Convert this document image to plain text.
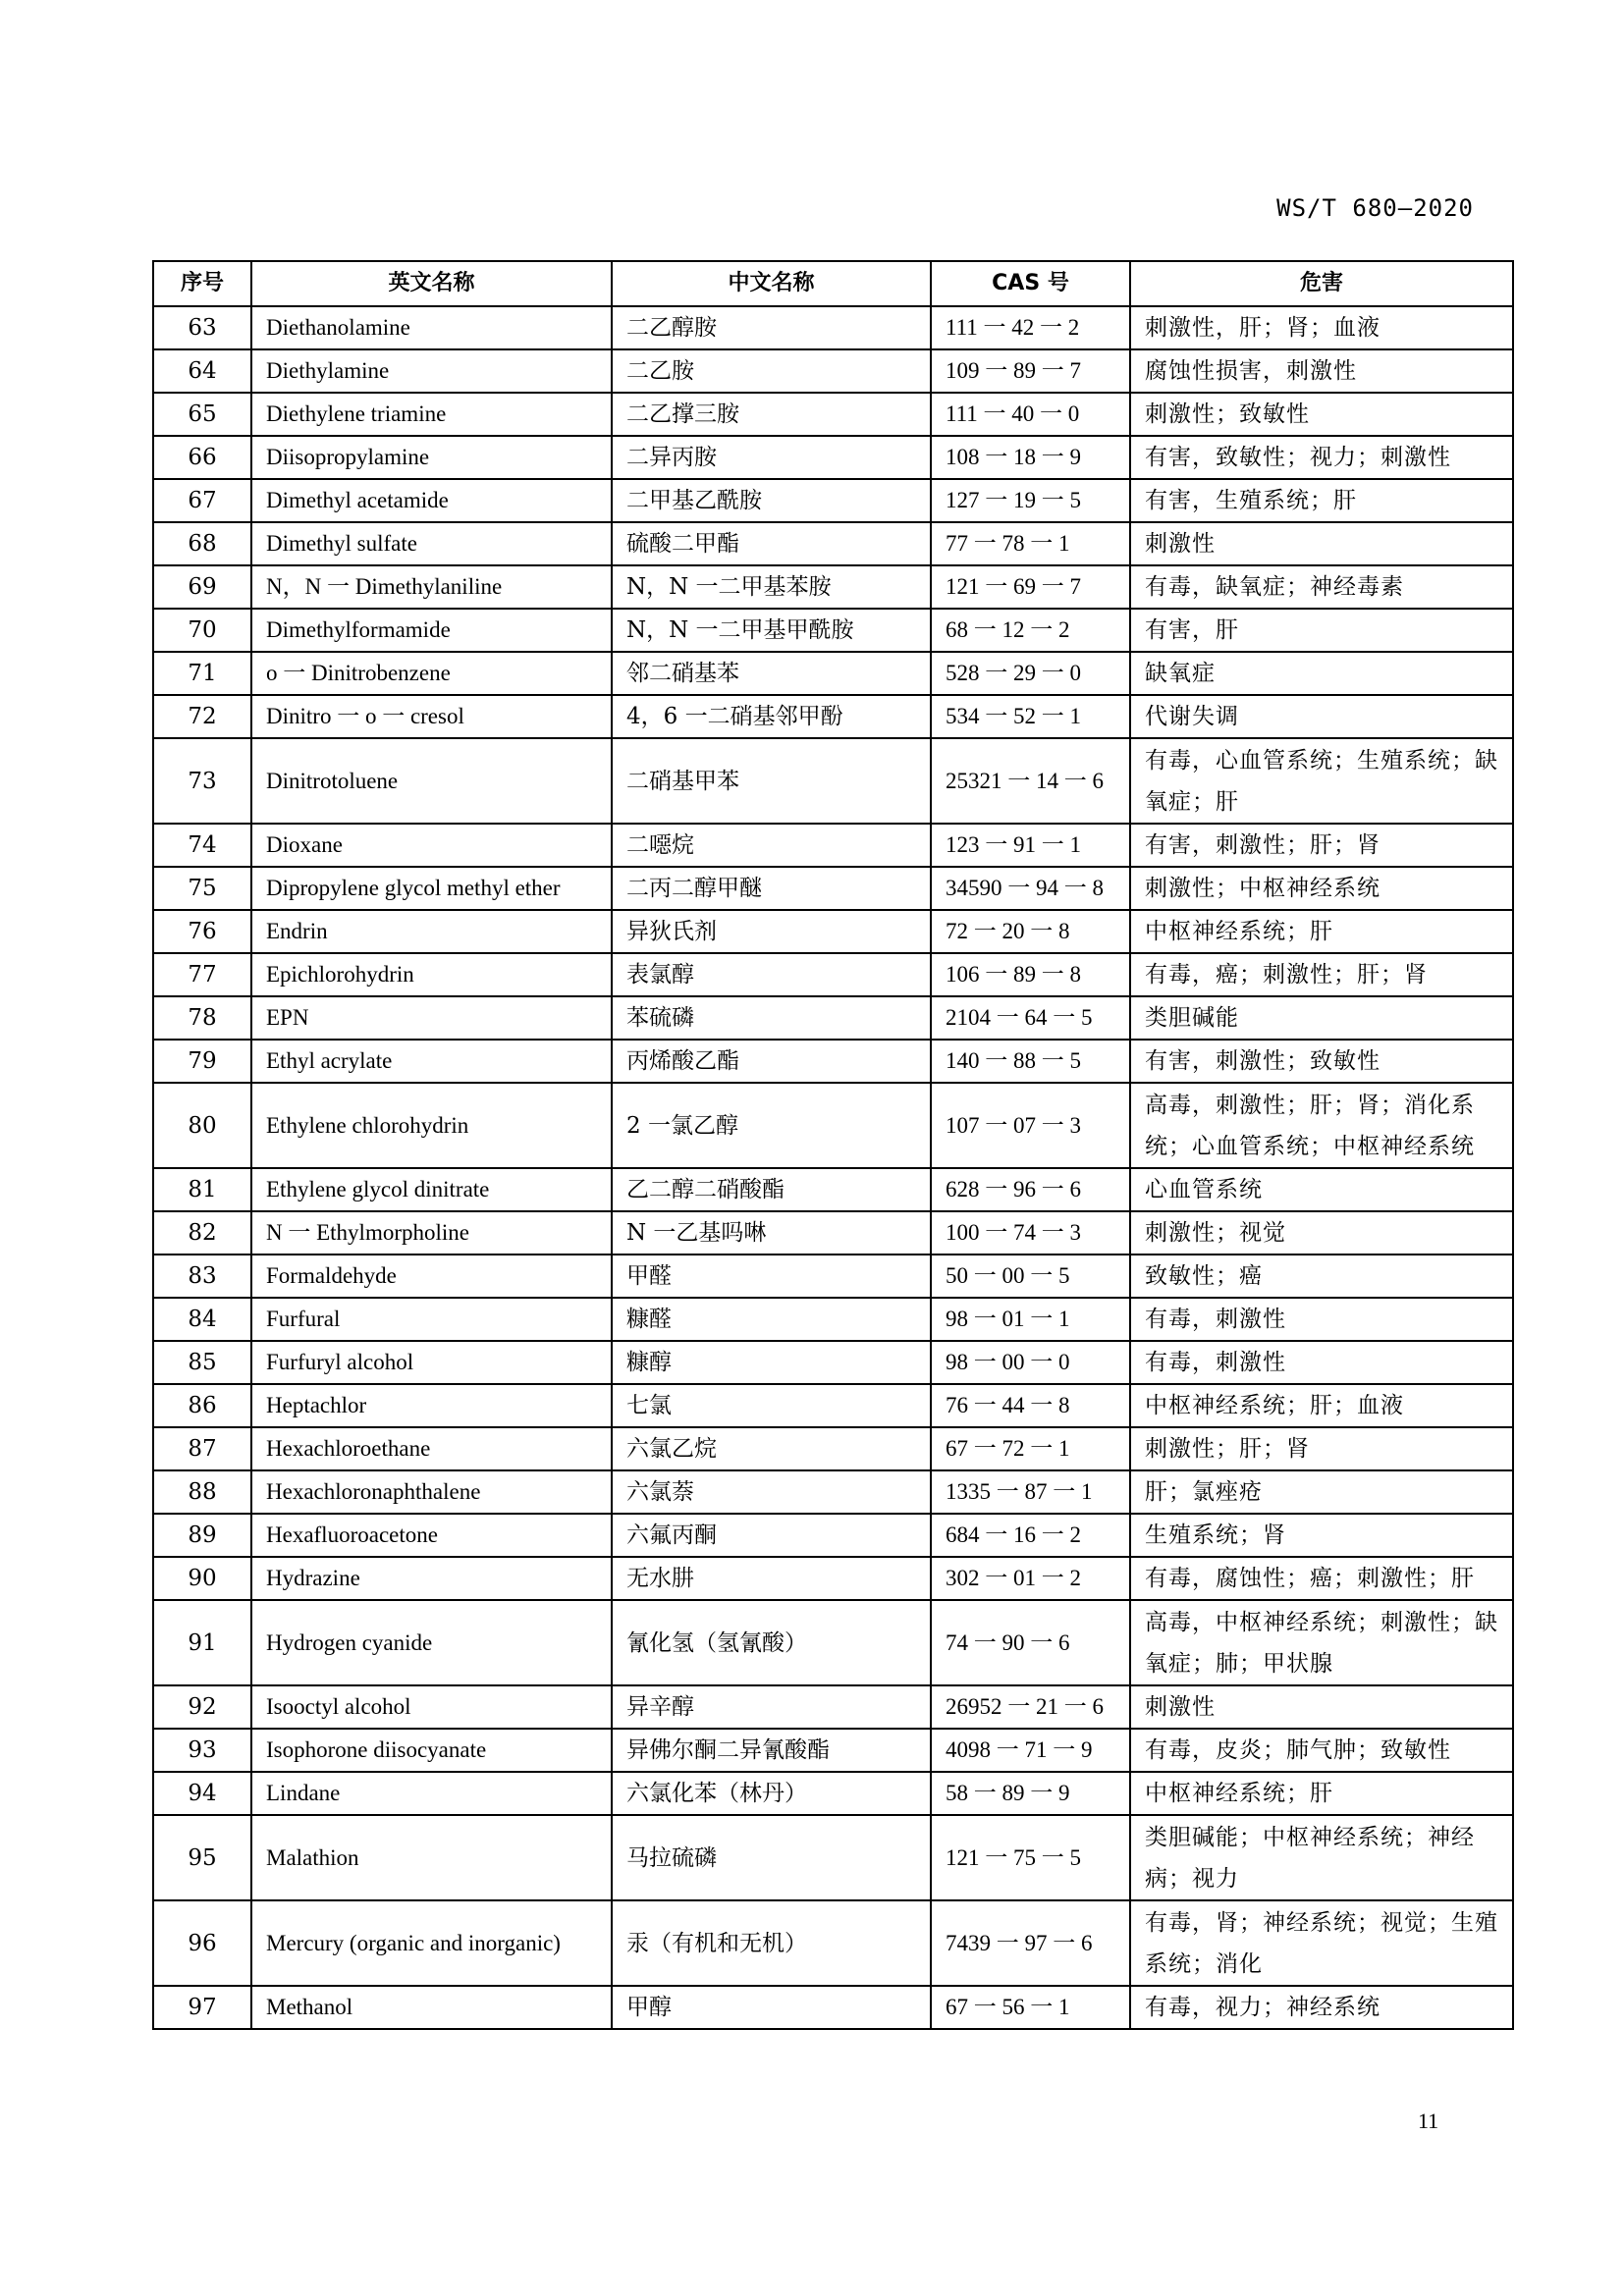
WS/T 680—2020
序号	英文名称	中文名称	CAS 号	危害
63	Diethanolamine	二乙醇胺	111 一 42 一 2	刺激性，肝；肾；血液
64	Diethylamine	二乙胺	109 一 89 一 7	腐蚀性损害，刺激性
65	Diethylene triamine	二乙撑三胺	111 一 40 一 0	刺激性；致敏性
66	Diisopropylamine	二异丙胺	108 一 18 一 9	有害，致敏性；视力；刺激性
67	Dimethyl acetamide	二甲基乙酰胺	127 一 19 一 5	有害，生殖系统；肝
68	Dimethyl sulfate	硫酸二甲酯	77 一 78 一 1	刺激性
69	N，N 一 Dimethylaniline	N，N 一二甲基苯胺	121 一 69 一 7	有毒，缺氧症；神经毒素
70	Dimethylformamide	N，N 一二甲基甲酰胺	68 一 12 一 2	有害，肝
71	o 一 Dinitrobenzene	邻二硝基苯	528 一 29 一 0	缺氧症
72	Dinitro 一 o 一 cresol	4，6 一二硝基邻甲酚	534 一 52 一 1	代谢失调
73	Dinitrotoluene	二硝基甲苯	25321 一 14 一 6	有毒，心血管系统；生殖系统；缺氧症；肝
74	Dioxane	二噁烷	123 一 91 一 1	有害，刺激性；肝；肾
75	Dipropylene glycol methyl ether	二丙二醇甲醚	34590 一 94 一 8	刺激性；中枢神经系统
76	Endrin	异狄氏剂	72 一 20 一 8	中枢神经系统；肝
77	Epichlorohydrin	表氯醇	106 一 89 一 8	有毒，癌；刺激性；肝；肾
78	EPN	苯硫磷	2104 一 64 一 5	类胆碱能
79	Ethyl acrylate	丙烯酸乙酯	140 一 88 一 5	有害，刺激性；致敏性
80	Ethylene chlorohydrin	2 一氯乙醇	107 一 07 一 3	高毒，刺激性；肝；肾；消化系统；心血管系统；中枢神经系统
81	Ethylene glycol dinitrate	乙二醇二硝酸酯	628 一 96 一 6	心血管系统
82	N 一 Ethylmorpholine	N 一乙基吗啉	100 一 74 一 3	刺激性；视觉
83	Formaldehyde	甲醛	50 一 00 一 5	致敏性；癌
84	Furfural	糠醛	98 一 01 一 1	有毒，刺激性
85	Furfuryl alcohol	糠醇	98 一 00 一 0	有毒，刺激性
86	Heptachlor	七氯	76 一 44 一 8	中枢神经系统；肝；血液
87	Hexachloroethane	六氯乙烷	67 一 72 一 1	刺激性；肝；肾
88	Hexachloronaphthalene	六氯萘	1335 一 87 一 1	肝；氯痤疮
89	Hexafluoroacetone	六氟丙酮	684 一 16 一 2	生殖系统；肾
90	Hydrazine	无水肼	302 一 01 一 2	有毒，腐蚀性；癌；刺激性；肝
91	Hydrogen cyanide	氰化氢（氢氰酸）	74 一 90 一 6	高毒，中枢神经系统；刺激性；缺氧症；肺；甲状腺
92	Isooctyl alcohol	异辛醇	26952 一 21 一 6	刺激性
93	Isophorone diisocyanate	异佛尔酮二异氰酸酯	4098 一 71 一 9	有毒，皮炎；肺气肿；致敏性
94	Lindane	六氯化苯（林丹）	58 一 89 一 9	中枢神经系统；肝
95	Malathion	马拉硫磷	121 一 75 一 5	类胆碱能；中枢神经系统；神经病；视力
96	Mercury (organic and inorganic)	汞（有机和无机）	7439 一 97 一 6	有毒，肾；神经系统；视觉；生殖系统；消化
97	Methanol	甲醇	67 一 56 一 1	有毒，视力；神经系统
11
